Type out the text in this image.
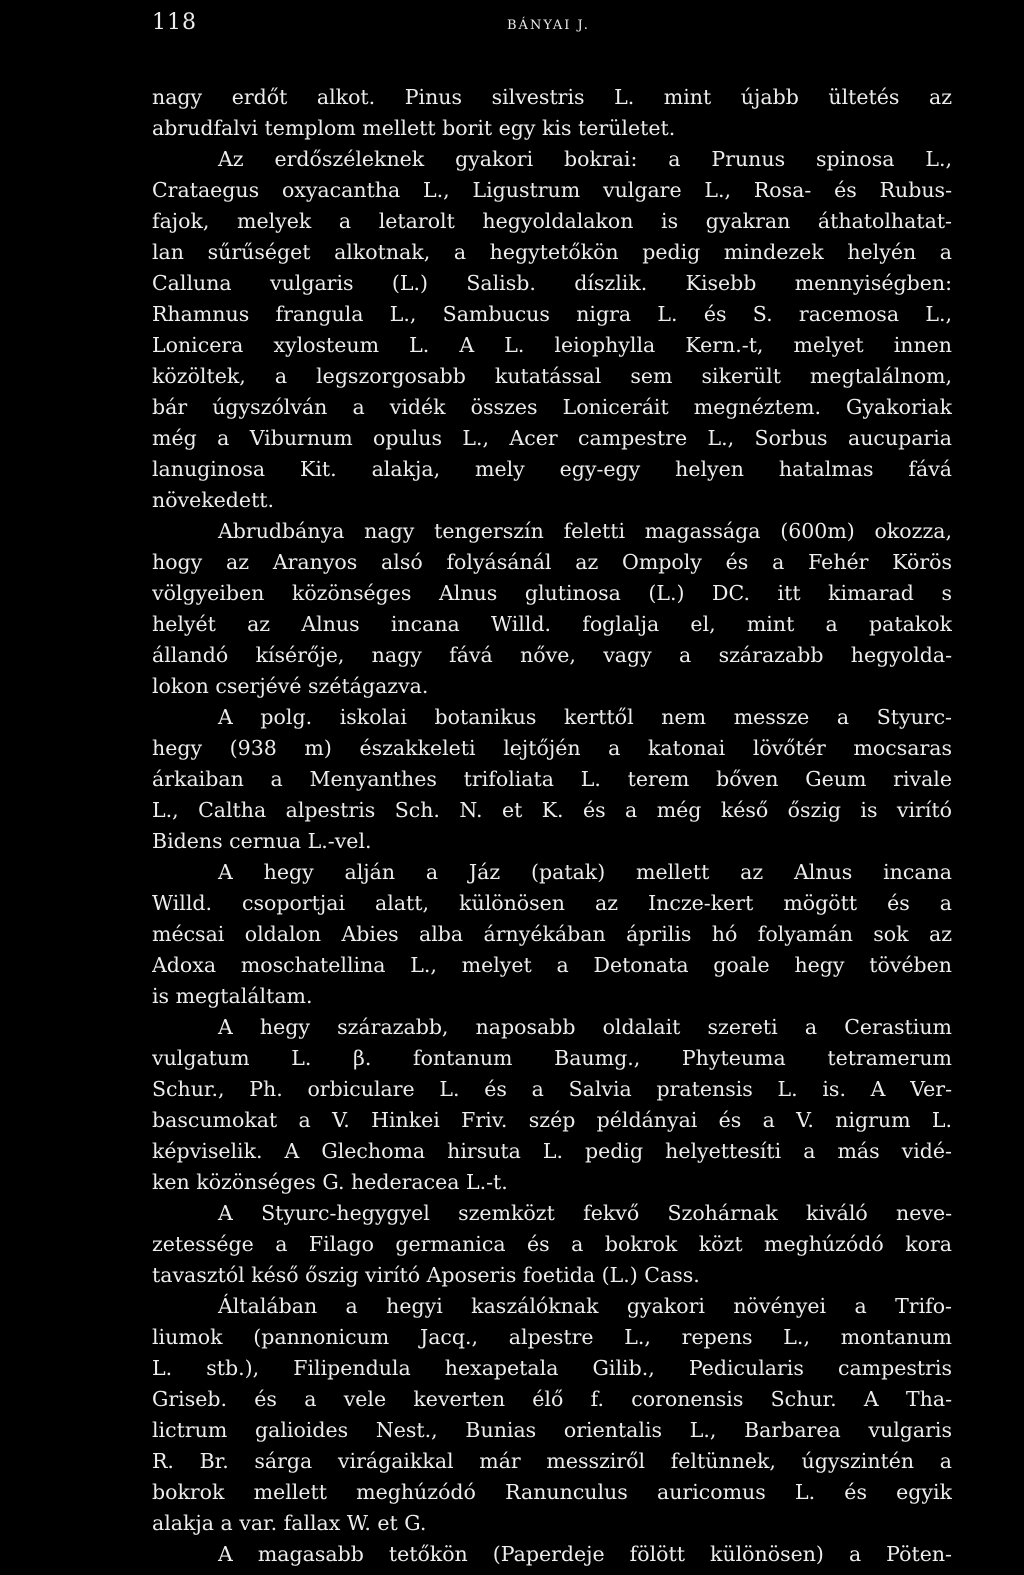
118	BÁNYAI J.
nagy erdőt alkot. Pinus silvestris L. mint újabb ültetés az
abrudfalvi templom mellett borit egy kis területet.
Az erdőszéleknek gyakori bokrai: a Prunus spinosa L.,
Crataegus oxyacantha L., Ligustrum vulgare L., Rosa- és Rubus-
fajok, melyek a letarolt hegyoldalakon is gyakran áthatolhatat-
lan sűrűséget alkotnak, a hegytetőkön pedig mindezek helyén a
Calluna vulgaris (L.) Salisb. díszlik. Kisebb mennyiségben:
Rhamnus frangula L., Sambucus nigra L. és S. racemosa L.,
Lonicera xylosteum L. A L. leiophylla Kern.-t, melyet innen
közöltek, a legszorgosabb kutatással sem sikerült megtalálnom,
bár úgyszólván a vidék összes Loniceráit megnéztem. Gyakoriak
még a Viburnum opulus L., Acer campestre L., Sorbus aucuparia
lanuginosa Kit. alakja, mely egy-egy helyen hatalmas fává
növekedett.
Abrudbánya nagy tengerszín feletti magassága (600m) okozza,
hogy az Aranyos alsó folyásánál az Ompoly és a Fehér Körös
völgyeiben közönséges Alnus glutinosa (L.) DC. itt kimarad s
helyét az Alnus incana Willd. foglalja el, mint a patakok
állandó kísérője, nagy fává nőve, vagy a szárazabb hegyolda-
lokon cserjévé szétágazva.
A polg. iskolai botanikus kerttől nem messze a Styurc-
hegy (938 m) északkeleti lejtőjén a katonai lövőtér mocsaras
árkaiban a Menyanthes trifoliata L. terem bőven Geum rivale
L., Caltha alpestris Sch. N. et K. és a még késő őszig is virító
Bidens cernua L.-vel.
A hegy alján a Jáz (patak) mellett az Alnus incana
Willd. csoportjai alatt, különösen az Incze-kert mögött és a
mécsai oldalon Abies alba árnyékában április hó folyamán sok az
Adoxa moschatellina L., melyet a Detonata goale hegy tövében
is megtaláltam.
A hegy szárazabb, naposabb oldalait szereti a Cerastium
vulgatum L. β. fontanum Baumg., Phyteuma tetramerum
Schur., Ph. orbiculare L. és a Salvia pratensis L. is. A Ver-
bascumokat a V. Hinkei Friv. szép példányai és a V. nigrum L.
képviselik. A Glechoma hirsuta L. pedig helyettesíti a más vidé-
ken közönséges G. hederacea L.-t.
A Styurc-hegygyel szemközt fekvő Szohárnak kiváló neve-
zetessége a Filago germanica és a bokrok közt meghúzódó kora
tavasztól késő őszig virító Aposeris foetida (L.) Cass.
Általában a hegyi kaszálóknak gyakori növényei a Trifo-
liumok (pannonicum Jacq., alpestre L., repens L., montanum
L. stb.), Filipendula hexapetala Gilib., Pedicularis campestris
Griseb. és a vele keverten élő f. coronensis Schur. A Tha-
lictrum galioides Nest., Bunias orientalis L., Barbarea vulgaris
R. Br. sárga virágaikkal már messziről feltünnek, úgyszintén a
bokrok mellett meghúzódó Ranunculus auricomus L. és egyik
alakja a var. fallax W. et G.
A magasabb tetőkön (Paperdeje fölött különösen) a Pöten-
